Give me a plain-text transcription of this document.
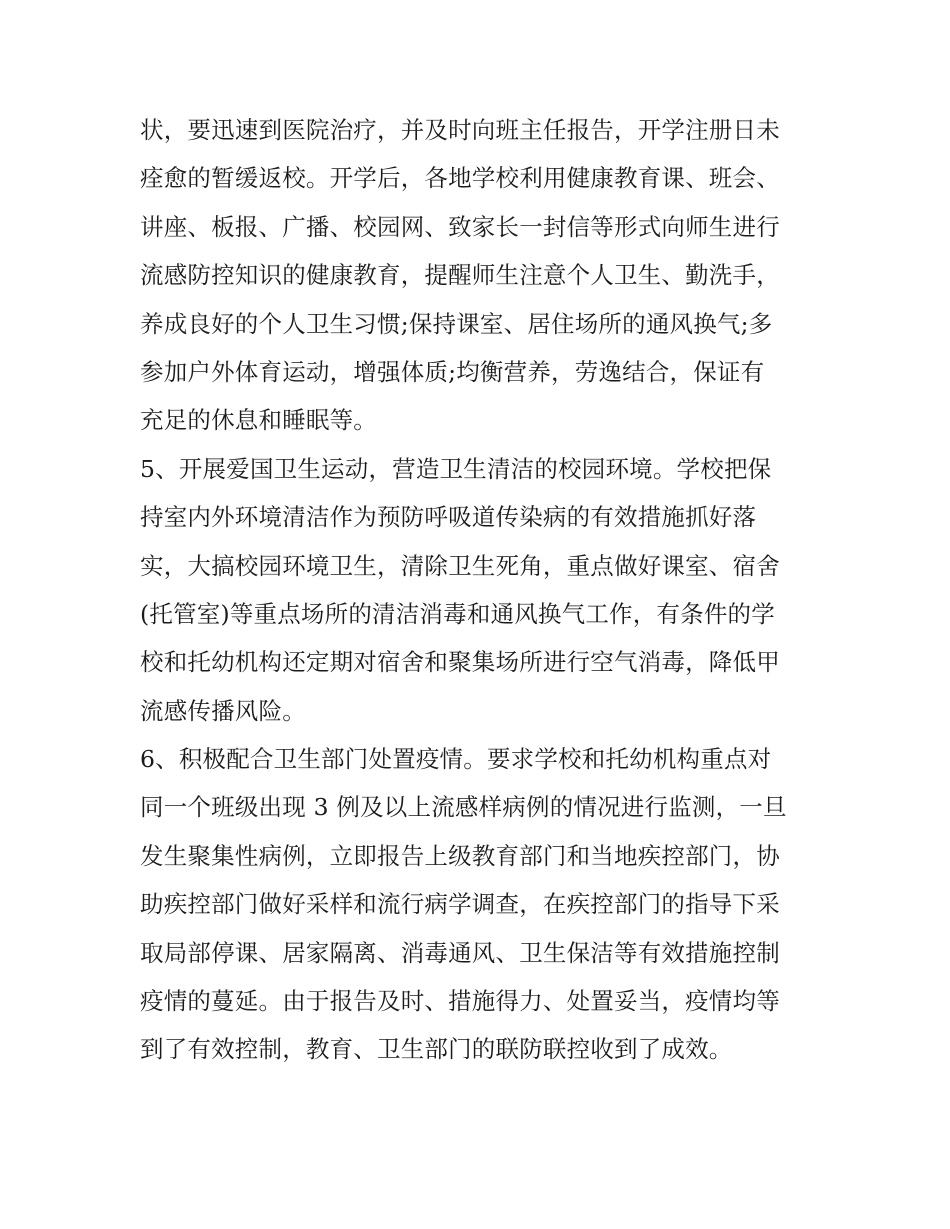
状，要迅速到医院治疗，并及时向班主任报告，开学注册日未
痊愈的暂缓返校。开学后，各地学校利用健康教育课、班会、
讲座、板报、广播、校园网、致家长一封信等形式向师生进行
流感防控知识的健康教育，提醒师生注意个人卫生、勤洗手，
养成良好的个人卫生习惯;保持课室、居住场所的通风换气;多
参加户外体育运动，增强体质;均衡营养，劳逸结合，保证有
充足的休息和睡眠等。
5、开展爱国卫生运动，营造卫生清洁的校园环境。学校把保
持室内外环境清洁作为预防呼吸道传染病的有效措施抓好落
实，大搞校园环境卫生，清除卫生死角，重点做好课室、宿舍
(托管室)等重点场所的清洁消毒和通风换气工作，有条件的学
校和托幼机构还定期对宿舍和聚集场所进行空气消毒，降低甲
流感传播风险。
6、积极配合卫生部门处置疫情。要求学校和托幼机构重点对
同一个班级出现 3 例及以上流感样病例的情况进行监测，一旦
发生聚集性病例，立即报告上级教育部门和当地疾控部门，协
助疾控部门做好采样和流行病学调查，在疾控部门的指导下采
取局部停课、居家隔离、消毒通风、卫生保洁等有效措施控制
疫情的蔓延。由于报告及时、措施得力、处置妥当，疫情均等
到了有效控制，教育、卫生部门的联防联控收到了成效。
